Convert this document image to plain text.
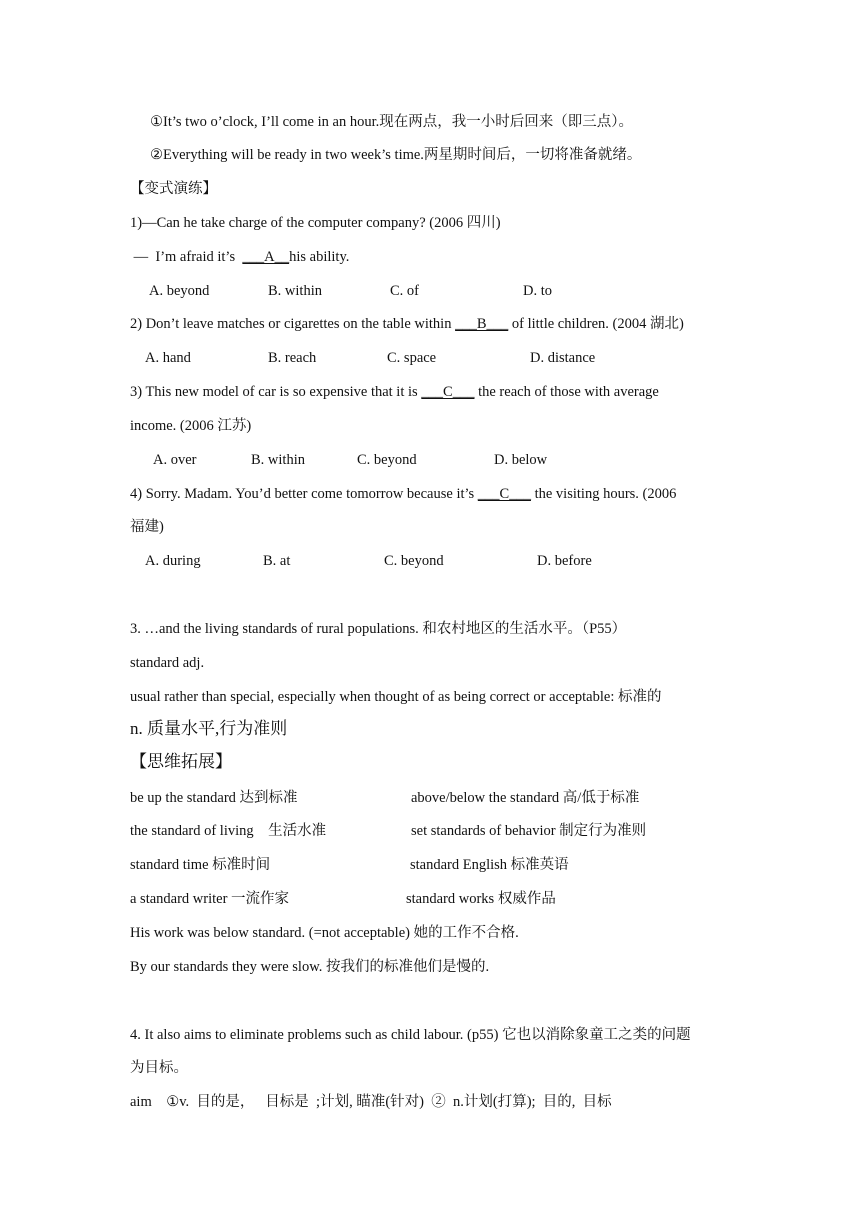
①It’s two o’clock, I’ll come in an hour.现在两点，我一小时后回来（即三点）。
②Everything will be ready in two week’s time.两星期时间后，一切将准备就绪。
【变式演练】
1)—Can he take charge of the computer company? (2006 四川)
—  I’m afraid it’s  ___A__his ability.
A. beyond	B. within	C. of	D. to
2) Don’t leave matches or cigarettes on the table within ___B___ of little children. (2004 湖北)
A. hand	B. reach	C. space	D. distance
3) This new model of car is so expensive that it is ___C___ the reach of those with average
income. (2006 江苏)
A. over	B. within	C. beyond	D. below
4) Sorry. Madam. You’d better come tomorrow because it’s ___C___ the visiting hours. (2006
福建)
A. during	B. at	C. beyond	D. before
3. …and the living standards of rural populations. 和农村地区的生活水平。（P55）
standard adj.
usual rather than special, especially when thought of as being correct or acceptable: 标准的
n. 质量水平,行为准则
【思维拓展】
be up the standard 达到标准	above/below the standard 高/低于标准
the standard of living    生活水准	set standards of behavior 制定行为准则
standard time 标准时间	standard English 标准英语
a standard writer 一流作家	standard works 权威作品
His work was below standard. (=not acceptable) 她的工作不合格.
By our standards they were slow. 按我们的标准他们是慢的.
4. It also aims to eliminate problems such as child labour. (p55) 它也以消除象童工之类的问题
为目标。
aim    ①v.  目的是，   目标是  ;计划, 瞄准(针对)  ②  n.计划(打算);  目的,  目标
